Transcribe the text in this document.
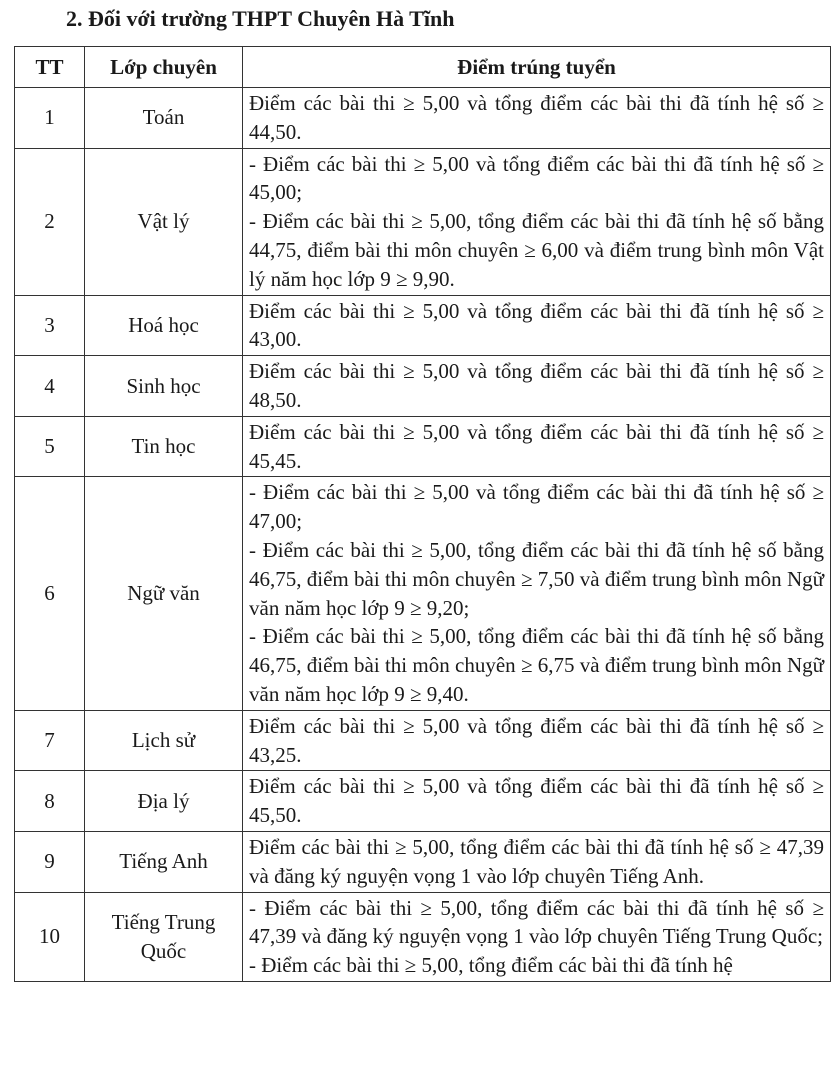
2. Đối với trường THPT Chuyên Hà Tĩnh
TT	Lớp chuyên	Điểm trúng tuyển
1	Toán	Điểm các bài thi ≥ 5,00 và tổng điểm các bài thi đã tính hệ số ≥ 44,50.

2	Vật lý	- Điểm các bài thi ≥ 5,00 và tổng điểm các bài thi đã tính hệ số ≥ 45,00;
- Điểm các bài thi ≥ 5,00, tổng điểm các bài thi đã tính hệ số bằng 44,75, điểm bài thi môn chuyên ≥ 6,00 và điểm trung bình môn Vật lý năm học lớp 9 ≥ 9,90.

3	Hoá học	Điểm các bài thi ≥ 5,00 và tổng điểm các bài thi đã tính hệ số ≥ 43,00.

4	Sinh học	Điểm các bài thi ≥ 5,00 và tổng điểm các bài thi đã tính hệ số ≥ 48,50.

5	Tin học	Điểm các bài thi ≥ 5,00 và tổng điểm các bài thi đã tính hệ số ≥ 45,45.

6	Ngữ văn	- Điểm các bài thi ≥ 5,00 và tổng điểm các bài thi đã tính hệ số ≥ 47,00;
- Điểm các bài thi ≥ 5,00, tổng điểm các bài thi đã tính hệ số bằng 46,75, điểm bài thi môn chuyên ≥ 7,50 và điểm trung bình môn Ngữ văn năm học lớp 9 ≥ 9,20;
- Điểm các bài thi ≥ 5,00, tổng điểm các bài thi đã tính hệ số bằng 46,75, điểm bài thi môn chuyên ≥ 6,75 và điểm trung bình môn Ngữ văn năm học lớp 9 ≥ 9,40.

7	Lịch sử	Điểm các bài thi ≥ 5,00 và tổng điểm các bài thi đã tính hệ số ≥ 43,25.

8	Địa lý	Điểm các bài thi ≥ 5,00 và tổng điểm các bài thi đã tính hệ số ≥ 45,50.

9	Tiếng Anh	Điểm các bài thi ≥ 5,00, tổng điểm các bài thi đã tính hệ số ≥ 47,39 và đăng ký nguyện vọng 1 vào lớp chuyên Tiếng Anh.

10	Tiếng Trung Quốc	- Điểm các bài thi ≥ 5,00, tổng điểm các bài thi đã tính hệ số ≥ 47,39 và đăng ký nguyện vọng 1 vào lớp chuyên Tiếng Trung Quốc;
- Điểm các bài thi ≥ 5,00, tổng điểm các bài thi đã tính hệ
